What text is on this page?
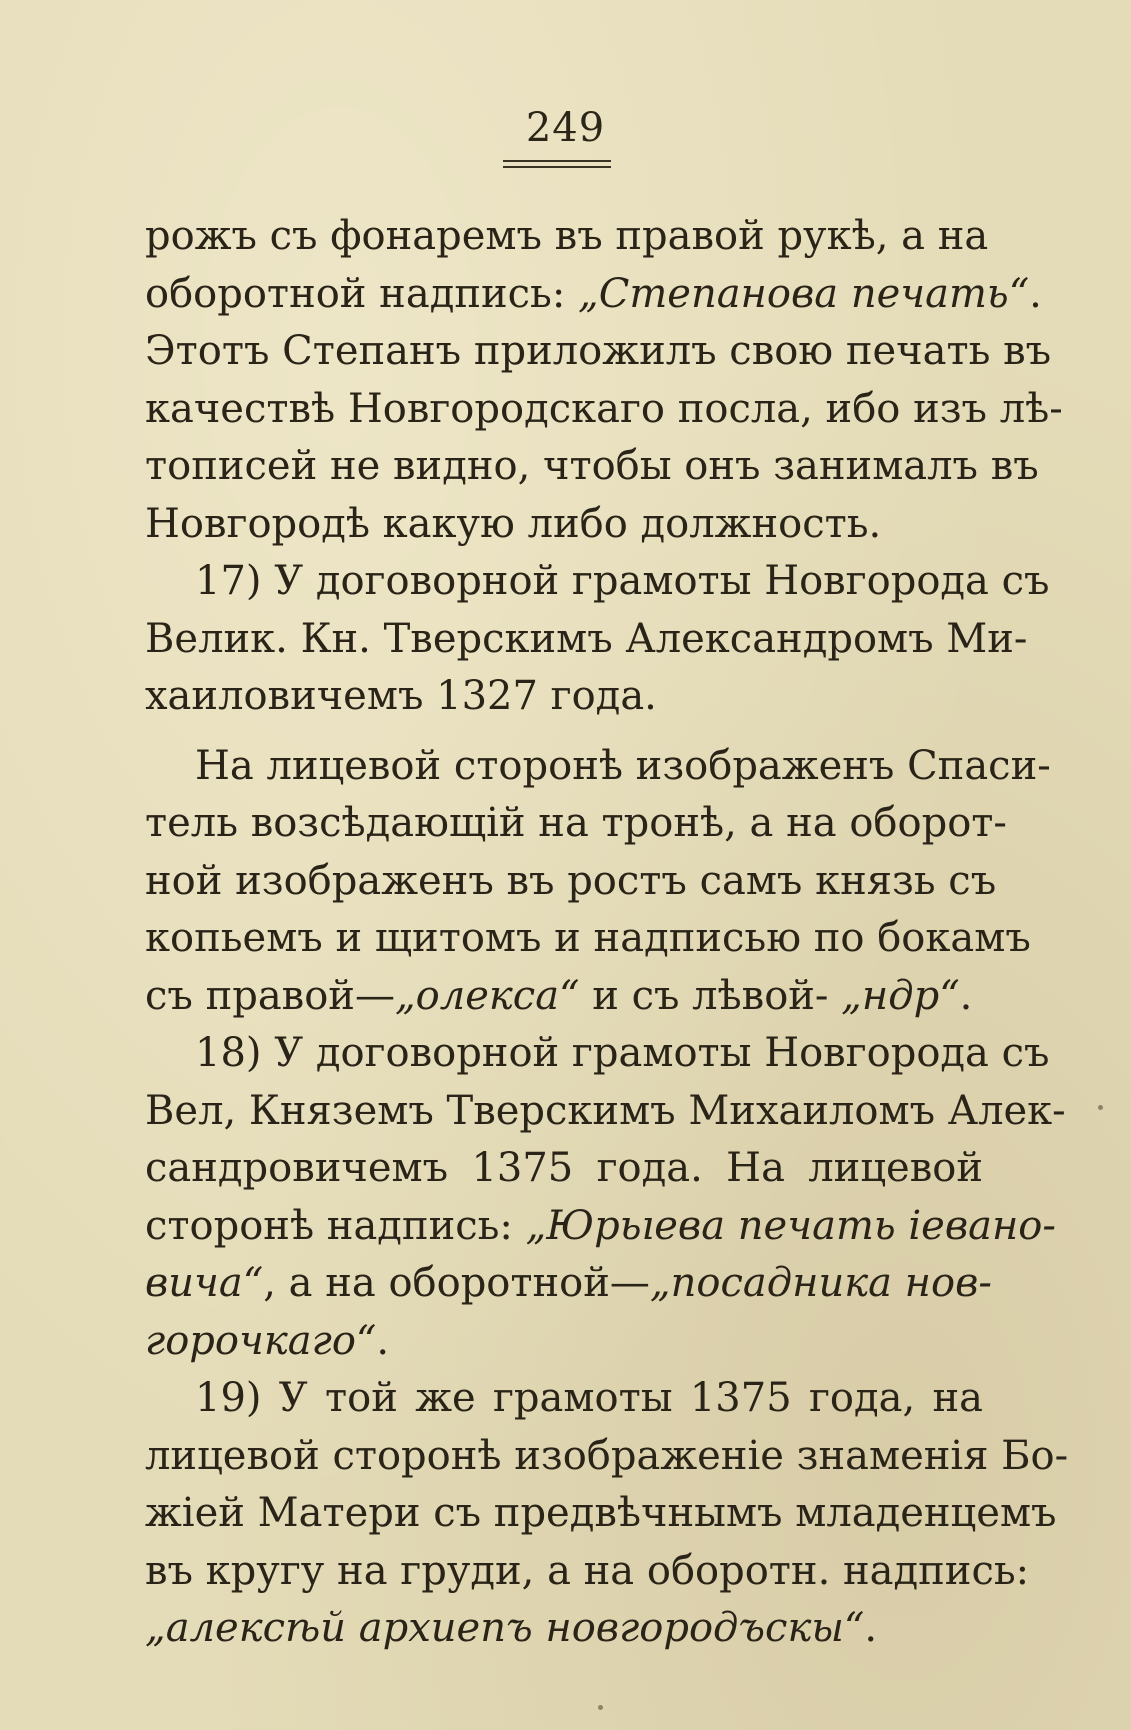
249
рожъ съ фонаремъ въ правой рукѣ, а на
оборотной надпись: „Степанова печать“.
Этотъ Степанъ приложилъ свою печать въ
качествѣ Новгородскаго посла, ибо изъ лѣ-
тописей не видно, чтобы онъ занималъ въ
Новгородѣ какую либо должность.
17) У договорной грамоты Новгорода съ
Велик. Кн. Тверскимъ Александромъ Ми-
хаиловичемъ 1327 года.
На лицевой сторонѣ изображенъ Спаси-
тель возсѣдающій на тронѣ, а на оборот-
ной изображенъ въ ростъ самъ князь съ
копьемъ и щитомъ и надписью по бокамъ
съ правой—„олекса“ и съ лѣвой- „ндр“.
18) У договорной грамоты Новгорода съ
Вел, Княземъ Тверскимъ Михаиломъ Алек-
сандровичемъ 1375 года. На лицевой
сторонѣ надпись: „Юрьıева печать іевано-
вича“, а на оборотной—„посадника нов-
горочкаго“.
19) У той же грамоты 1375 года, на
лицевой сторонѣ изображеніе знаменія Бо-
жіей Матери съ предвѣчнымъ младенцемъ
въ кругу на груди, а на оборотн. надпись:
„алексѣй архиепъ новгородъскы“.
